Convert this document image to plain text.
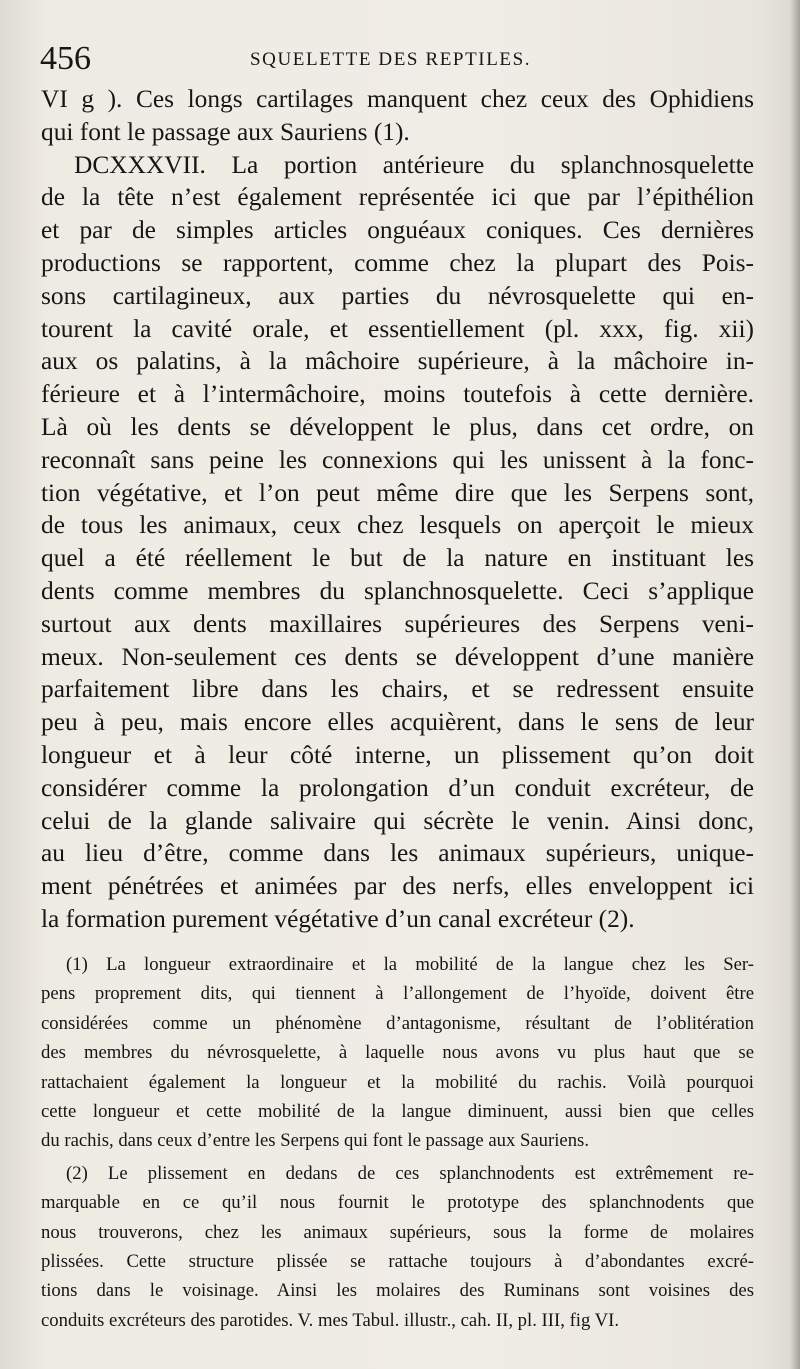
456	SQUELETTE DES REPTILES.
VI g ). Ces longs cartilages manquent chez ceux des Ophidiens
qui font le passage aux Sauriens (1).
DCXXXVII. La portion antérieure du splanchnosquelette
de la tête n’est également représentée ici que par l’épithélion
et par de simples articles onguéaux coniques. Ces dernières
productions se rapportent, comme chez la plupart des Pois-
sons cartilagineux, aux parties du névrosquelette qui en-
tourent la cavité orale, et essentiellement (pl. xxx, fig. xii)
aux os palatins, à la mâchoire supérieure, à la mâchoire in-
férieure et à l’intermâchoire, moins toutefois à cette dernière.
Là où les dents se développent le plus, dans cet ordre, on
reconnaît sans peine les connexions qui les unissent à la fonc-
tion végétative, et l’on peut même dire que les Serpens sont,
de tous les animaux, ceux chez lesquels on aperçoit le mieux
quel a été réellement le but de la nature en instituant les
dents comme membres du splanchnosquelette. Ceci s’applique
surtout aux dents maxillaires supérieures des Serpens veni-
meux. Non-seulement ces dents se développent d’une manière
parfaitement libre dans les chairs, et se redressent ensuite
peu à peu, mais encore elles acquièrent, dans le sens de leur
longueur et à leur côté interne, un plissement qu’on doit
considérer comme la prolongation d’un conduit excréteur, de
celui de la glande salivaire qui sécrète le venin. Ainsi donc,
au lieu d’être, comme dans les animaux supérieurs, unique-
ment pénétrées et animées par des nerfs, elles enveloppent ici
la formation purement végétative d’un canal excréteur (2).
(1) La longueur extraordinaire et la mobilité de la langue chez les Ser-
pens proprement dits, qui tiennent à l’allongement de l’hyoïde, doivent être
considérées comme un phénomène d’antagonisme, résultant de l’oblitération
des membres du névrosquelette, à laquelle nous avons vu plus haut que se
rattachaient également la longueur et la mobilité du rachis. Voilà pourquoi
cette longueur et cette mobilité de la langue diminuent, aussi bien que celles
du rachis, dans ceux d’entre les Serpens qui font le passage aux Sauriens.
(2) Le plissement en dedans de ces splanchnodents est extrêmement re-
marquable en ce qu’il nous fournit le prototype des splanchnodents que
nous trouverons, chez les animaux supérieurs, sous la forme de molaires
plissées. Cette structure plissée se rattache toujours à d’abondantes excré-
tions dans le voisinage. Ainsi les molaires des Ruminans sont voisines des
conduits excréteurs des parotides. V. mes Tabul. illustr., cah. II, pl. III, fig VI.
